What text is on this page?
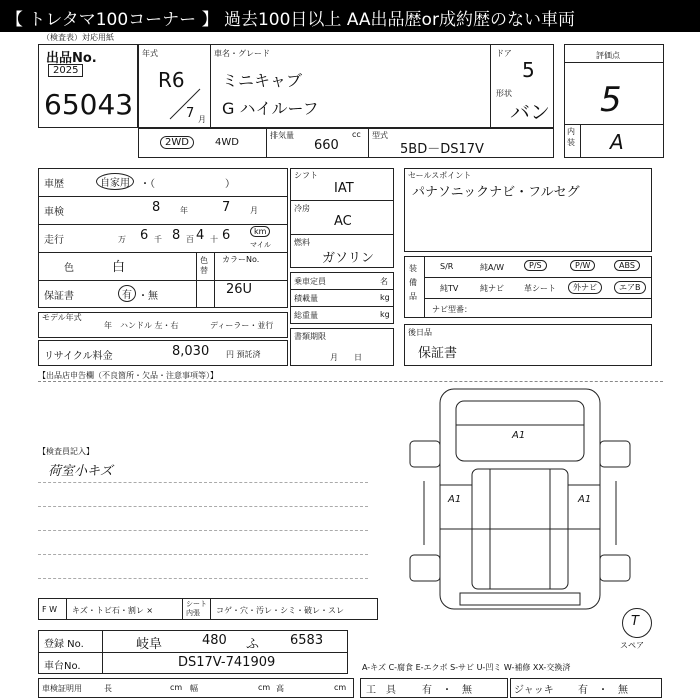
【 トレタマ100コーナー 】 過去100日以上 AA出品歴or成約歴のない車両
（検査表）対応用紙
出品No.
2025
65043
年式
R6
7 月
車名・グレード
ミニキャブ
G ハイルーフ
ドア
5
形状
バン
評価点
5
内装 A
2WD	4WD
排気量
660
cc 型式
5BD－DS17V
車歴	自家用	・（　　　　　　　）
車検	8 年	7 月
走行	万 6 千 8 百 4 十 6	km
マイル
色	白	色替
カラーNo.
26U
保証書	有 ・無
モデル年式
年 ハンドル 左・右	ディーラー・並行
リサイクル料金	8,030 円 預託済
シフト
IAT
冷房
AC
燃料
ガソリン
乗車定員	名
積載量	kg
総重量	kg
書類期限
月　　日
セールスポイント
パナソニックナビ・フルセグ
装備品
S/R	純A/W	P/S	P/W	ABS
純TV	純ナビ	革シート	外ナビ	エアB
ナビ型番：
後日品
保証書
【出品店申告欄（不良箇所・欠品・注意事項等）】
【検査員記入】
荷室小キズ
A1
A1	A1
T
スペア
F W キズ・トビ石・割レ ×
シート内張	コゲ・穴・汚レ・シミ・破レ・スレ
登録 No.	岐阜	480 ふ 6583
車台No.	DS17V-741909	A-キズ C-腐食 E-エクボ S-サビ U-凹ミ W-補修 XX-交換済
車検証明用	長	cm 幅	cm 高	cm 工　具	有　・　無	ジャッキ 有　・　無
